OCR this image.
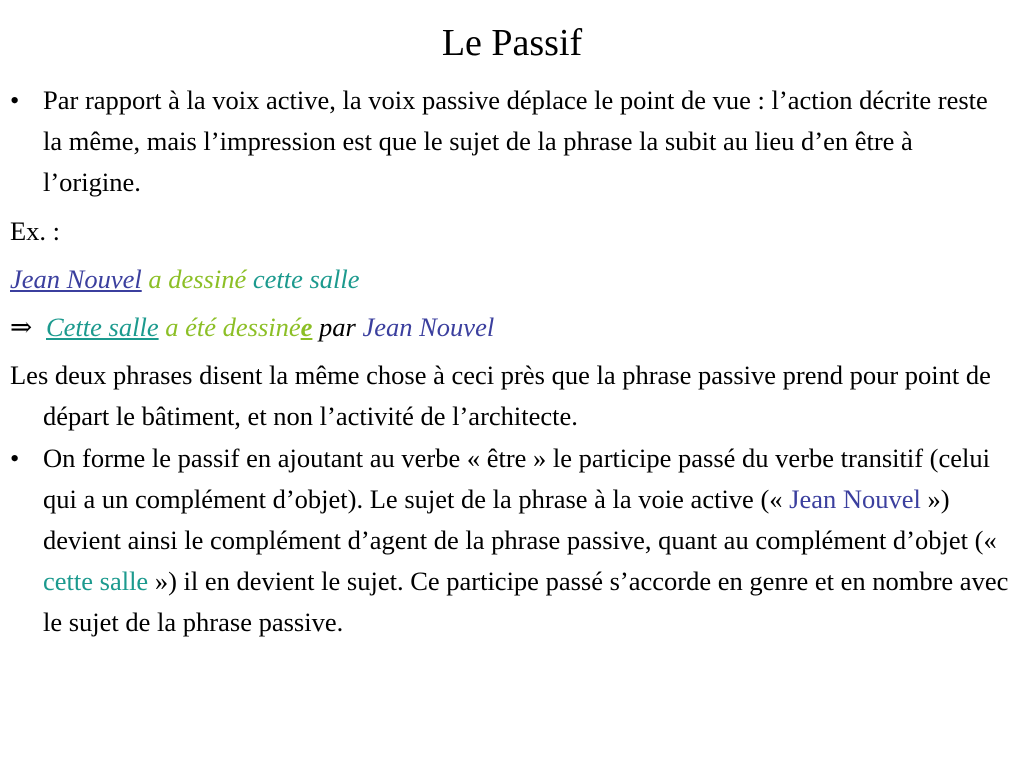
Le Passif

• Par rapport à la voix active, la voix passive déplace le point de vue : l’action décrite reste la même, mais l’impression est que le sujet de la phrase la subit au lieu d’en être à l’origine.

Ex. :

Jean Nouvel a dessiné cette salle

⇒ Cette salle a été dessinée par Jean Nouvel

Les deux phrases disent la même chose à ceci près que la phrase passive prend pour point de départ le bâtiment, et non l’activité de l’architecte.

• On forme le passif en ajoutant au verbe « être » le participe passé du verbe transitif (celui qui a un complément d’objet). Le sujet de la phrase à la voie active (« Jean Nouvel ») devient ainsi le complément d’agent de la phrase passive, quant au complément d’objet (« cette salle ») il en devient le sujet. Ce participe passé s’accorde en genre et en nombre avec le sujet de la phrase passive.
